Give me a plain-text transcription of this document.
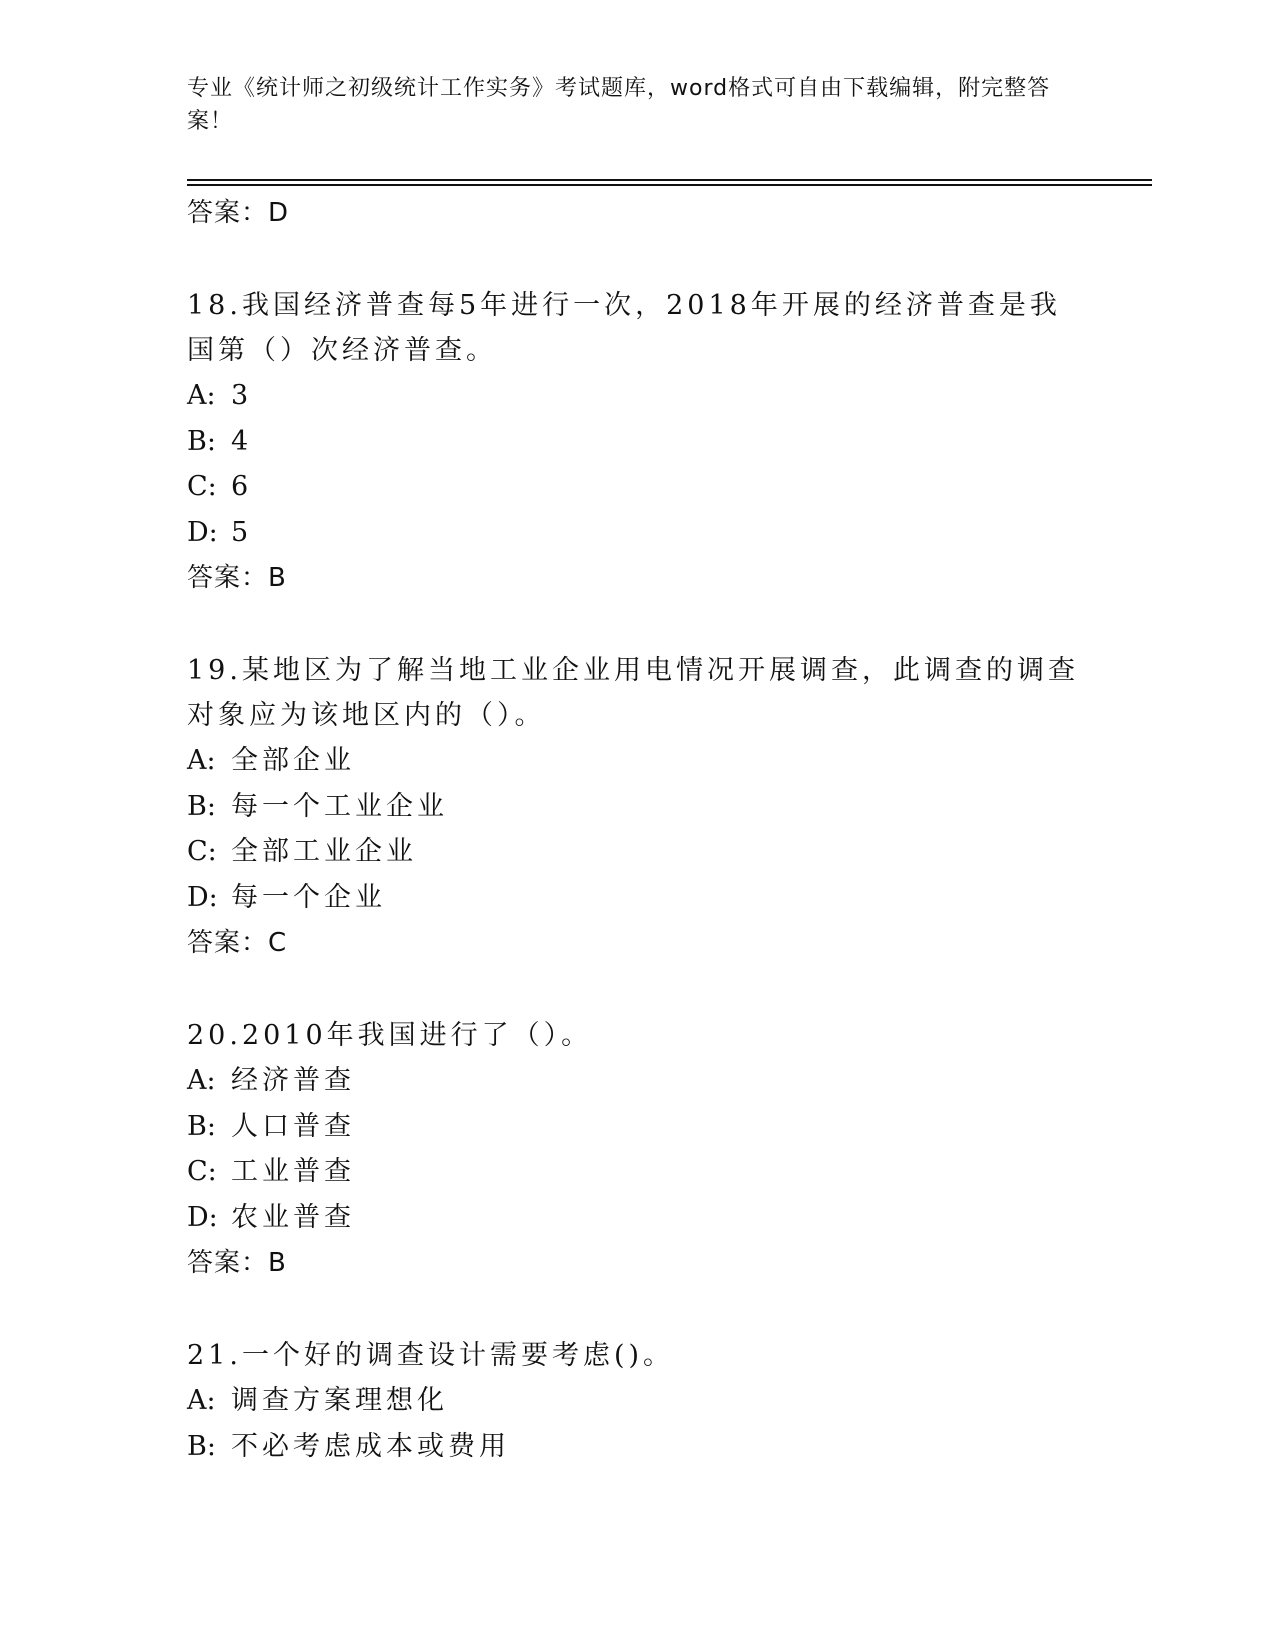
专业《统计师之初级统计工作实务》考试题库，word格式可自由下载编辑，附完整答案！
答案：D
18.我国经济普查每5年进行一次，2018年开展的经济普查是我国第（）次经济普查。
A: 3
B: 4
C: 6
D: 5
答案：B
19.某地区为了解当地工业企业用电情况开展调查，此调查的调查对象应为该地区内的（）。
A: 全部企业
B: 每一个工业企业
C: 全部工业企业
D: 每一个企业
答案：C
20.2010年我国进行了（）。
A: 经济普查
B: 人口普查
C: 工业普查
D: 农业普查
答案：B
21.一个好的调查设计需要考虑()。
A: 调查方案理想化
B: 不必考虑成本或费用
